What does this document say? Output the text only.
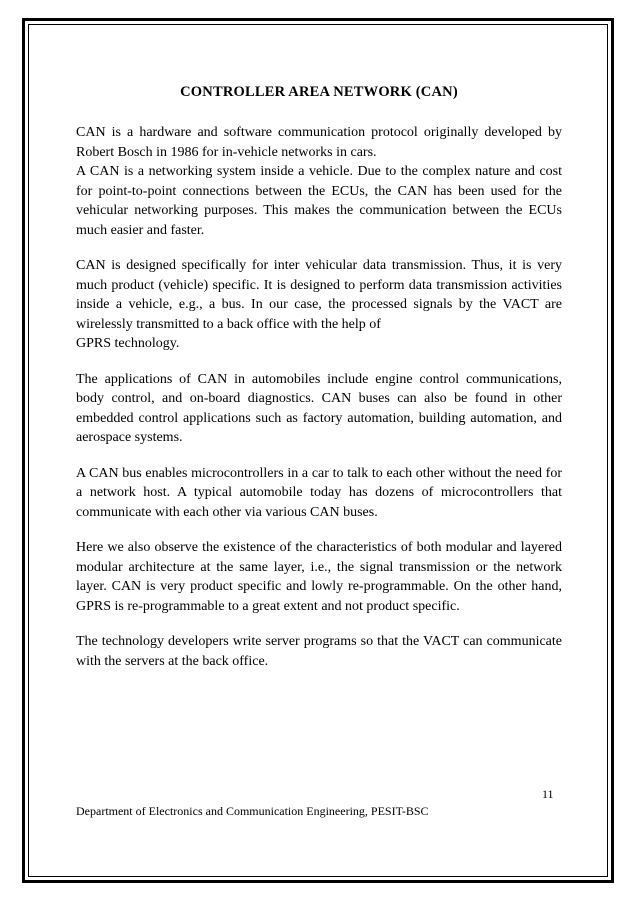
CONTROLLER AREA NETWORK (CAN)

CAN is a hardware and software communication protocol originally developed by Robert Bosch in 1986 for in-vehicle networks in cars.
A CAN is a networking system inside a vehicle. Due to the complex nature and cost for point-to-point connections between the ECUs, the CAN has been used for the vehicular networking purposes. This makes the communication between the ECUs much easier and faster.

CAN is designed specifically for inter vehicular data transmission. Thus, it is very much product (vehicle) specific. It is designed to perform data transmission activities inside a vehicle, e.g., a bus. In our case, the processed signals by the VACT are wirelessly transmitted to a back office with the help of
GPRS technology.

The applications of CAN in automobiles include engine control communications, body control, and on-board diagnostics. CAN buses can also be found in other embedded control applications such as factory automation, building automation, and aerospace systems.

A CAN bus enables microcontrollers in a car to talk to each other without the need for a network host. A typical automobile today has dozens of microcontrollers that communicate with each other via various CAN buses.

Here we also observe the existence of the characteristics of both modular and layered modular architecture at the same layer, i.e., the signal transmission or the network layer. CAN is very product specific and lowly re-programmable. On the other hand, GPRS is re-programmable to a great extent and not product specific.

The technology developers write server programs so that the VACT can communicate with the servers at the back office.

11
Department of Electronics and Communication Engineering, PESIT-BSC
